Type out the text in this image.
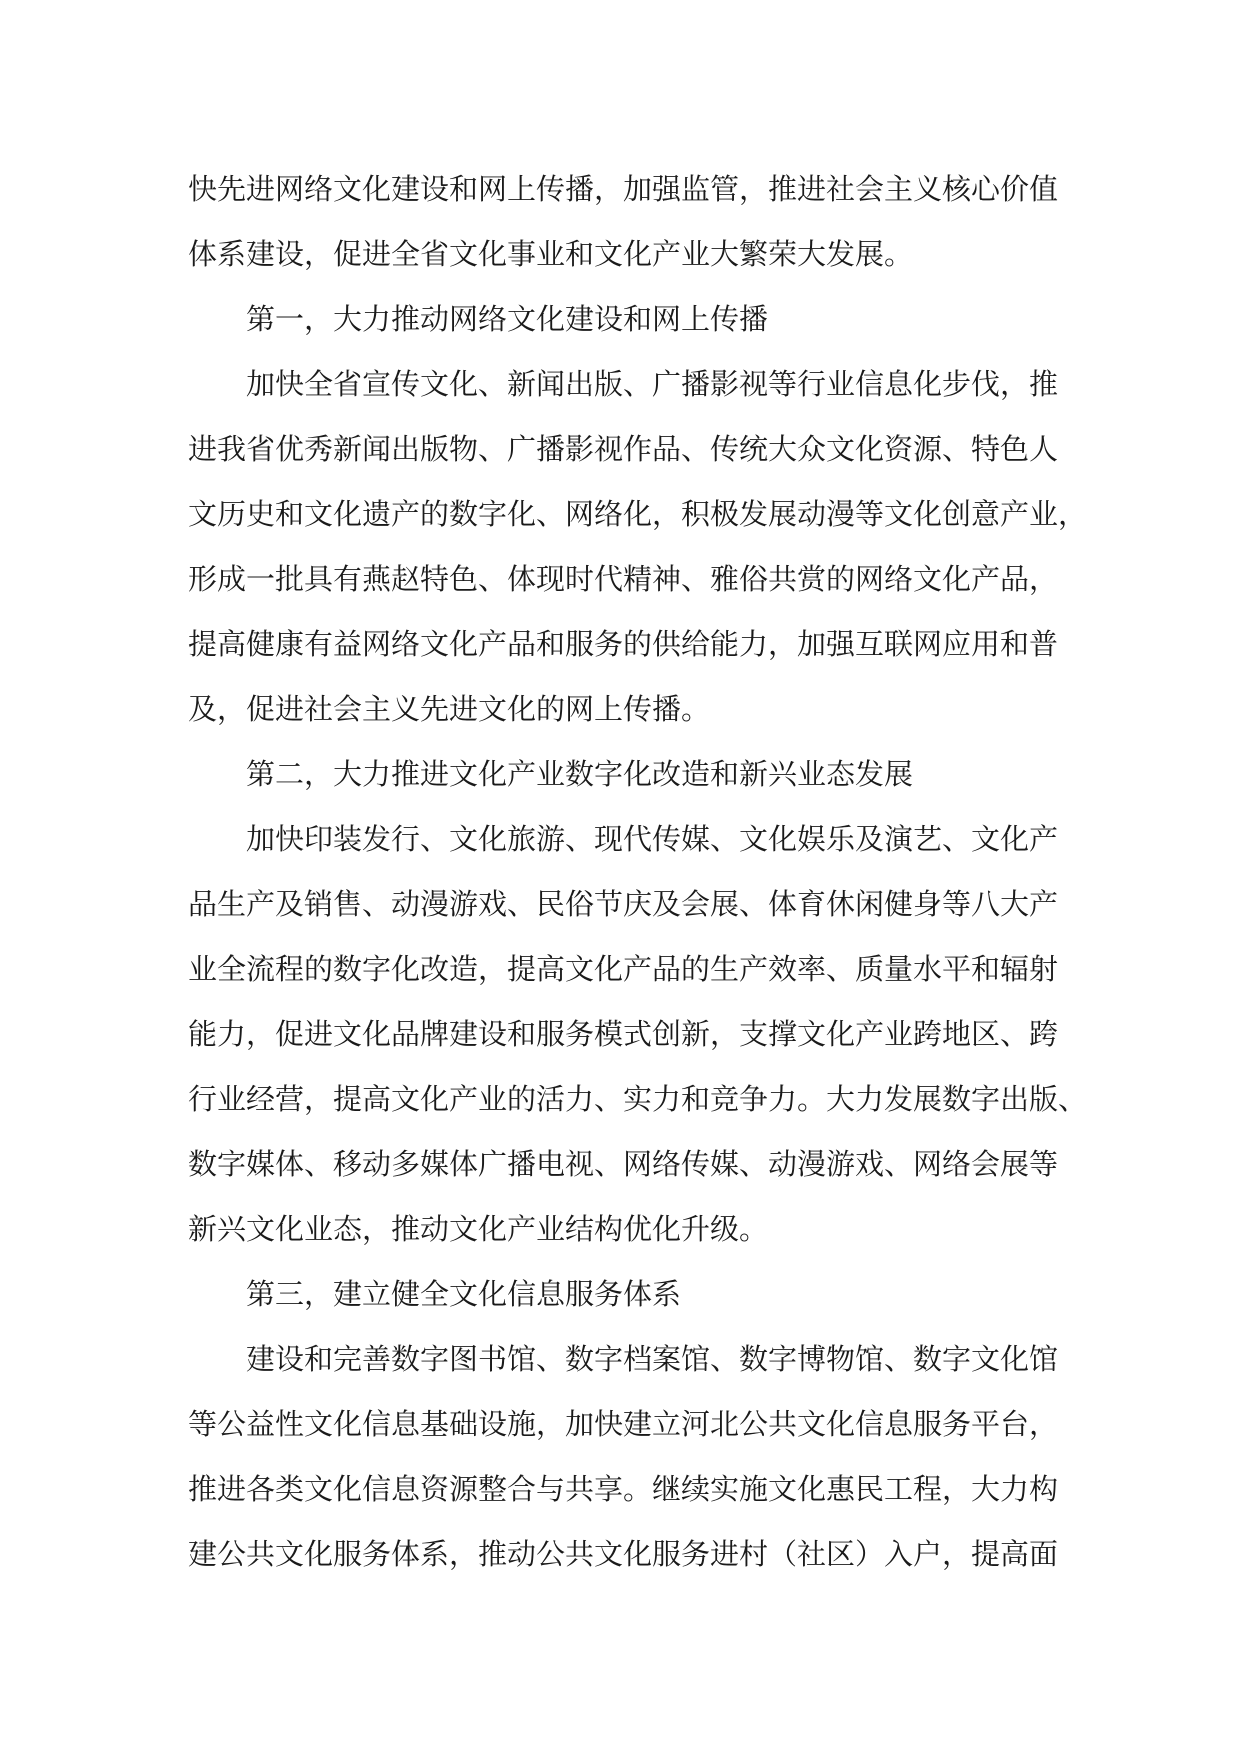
快先进网络文化建设和网上传播，加强监管，推进社会主义核心价值
体系建设，促进全省文化事业和文化产业大繁荣大发展。
第一，大力推动网络文化建设和网上传播
加快全省宣传文化、新闻出版、广播影视等行业信息化步伐，推
进我省优秀新闻出版物、广播影视作品、传统大众文化资源、特色人
文历史和文化遗产的数字化、网络化，积极发展动漫等文化创意产业，
形成一批具有燕赵特色、体现时代精神、雅俗共赏的网络文化产品，
提高健康有益网络文化产品和服务的供给能力，加强互联网应用和普
及，促进社会主义先进文化的网上传播。
第二，大力推进文化产业数字化改造和新兴业态发展
加快印装发行、文化旅游、现代传媒、文化娱乐及演艺、文化产
品生产及销售、动漫游戏、民俗节庆及会展、体育休闲健身等八大产
业全流程的数字化改造，提高文化产品的生产效率、质量水平和辐射
能力，促进文化品牌建设和服务模式创新，支撑文化产业跨地区、跨
行业经营，提高文化产业的活力、实力和竞争力。大力发展数字出版、
数字媒体、移动多媒体广播电视、网络传媒、动漫游戏、网络会展等
新兴文化业态，推动文化产业结构优化升级。
第三，建立健全文化信息服务体系
建设和完善数字图书馆、数字档案馆、数字博物馆、数字文化馆
等公益性文化信息基础设施，加快建立河北公共文化信息服务平台，
推进各类文化信息资源整合与共享。继续实施文化惠民工程，大力构
建公共文化服务体系，推动公共文化服务进村（社区）入户，提高面
